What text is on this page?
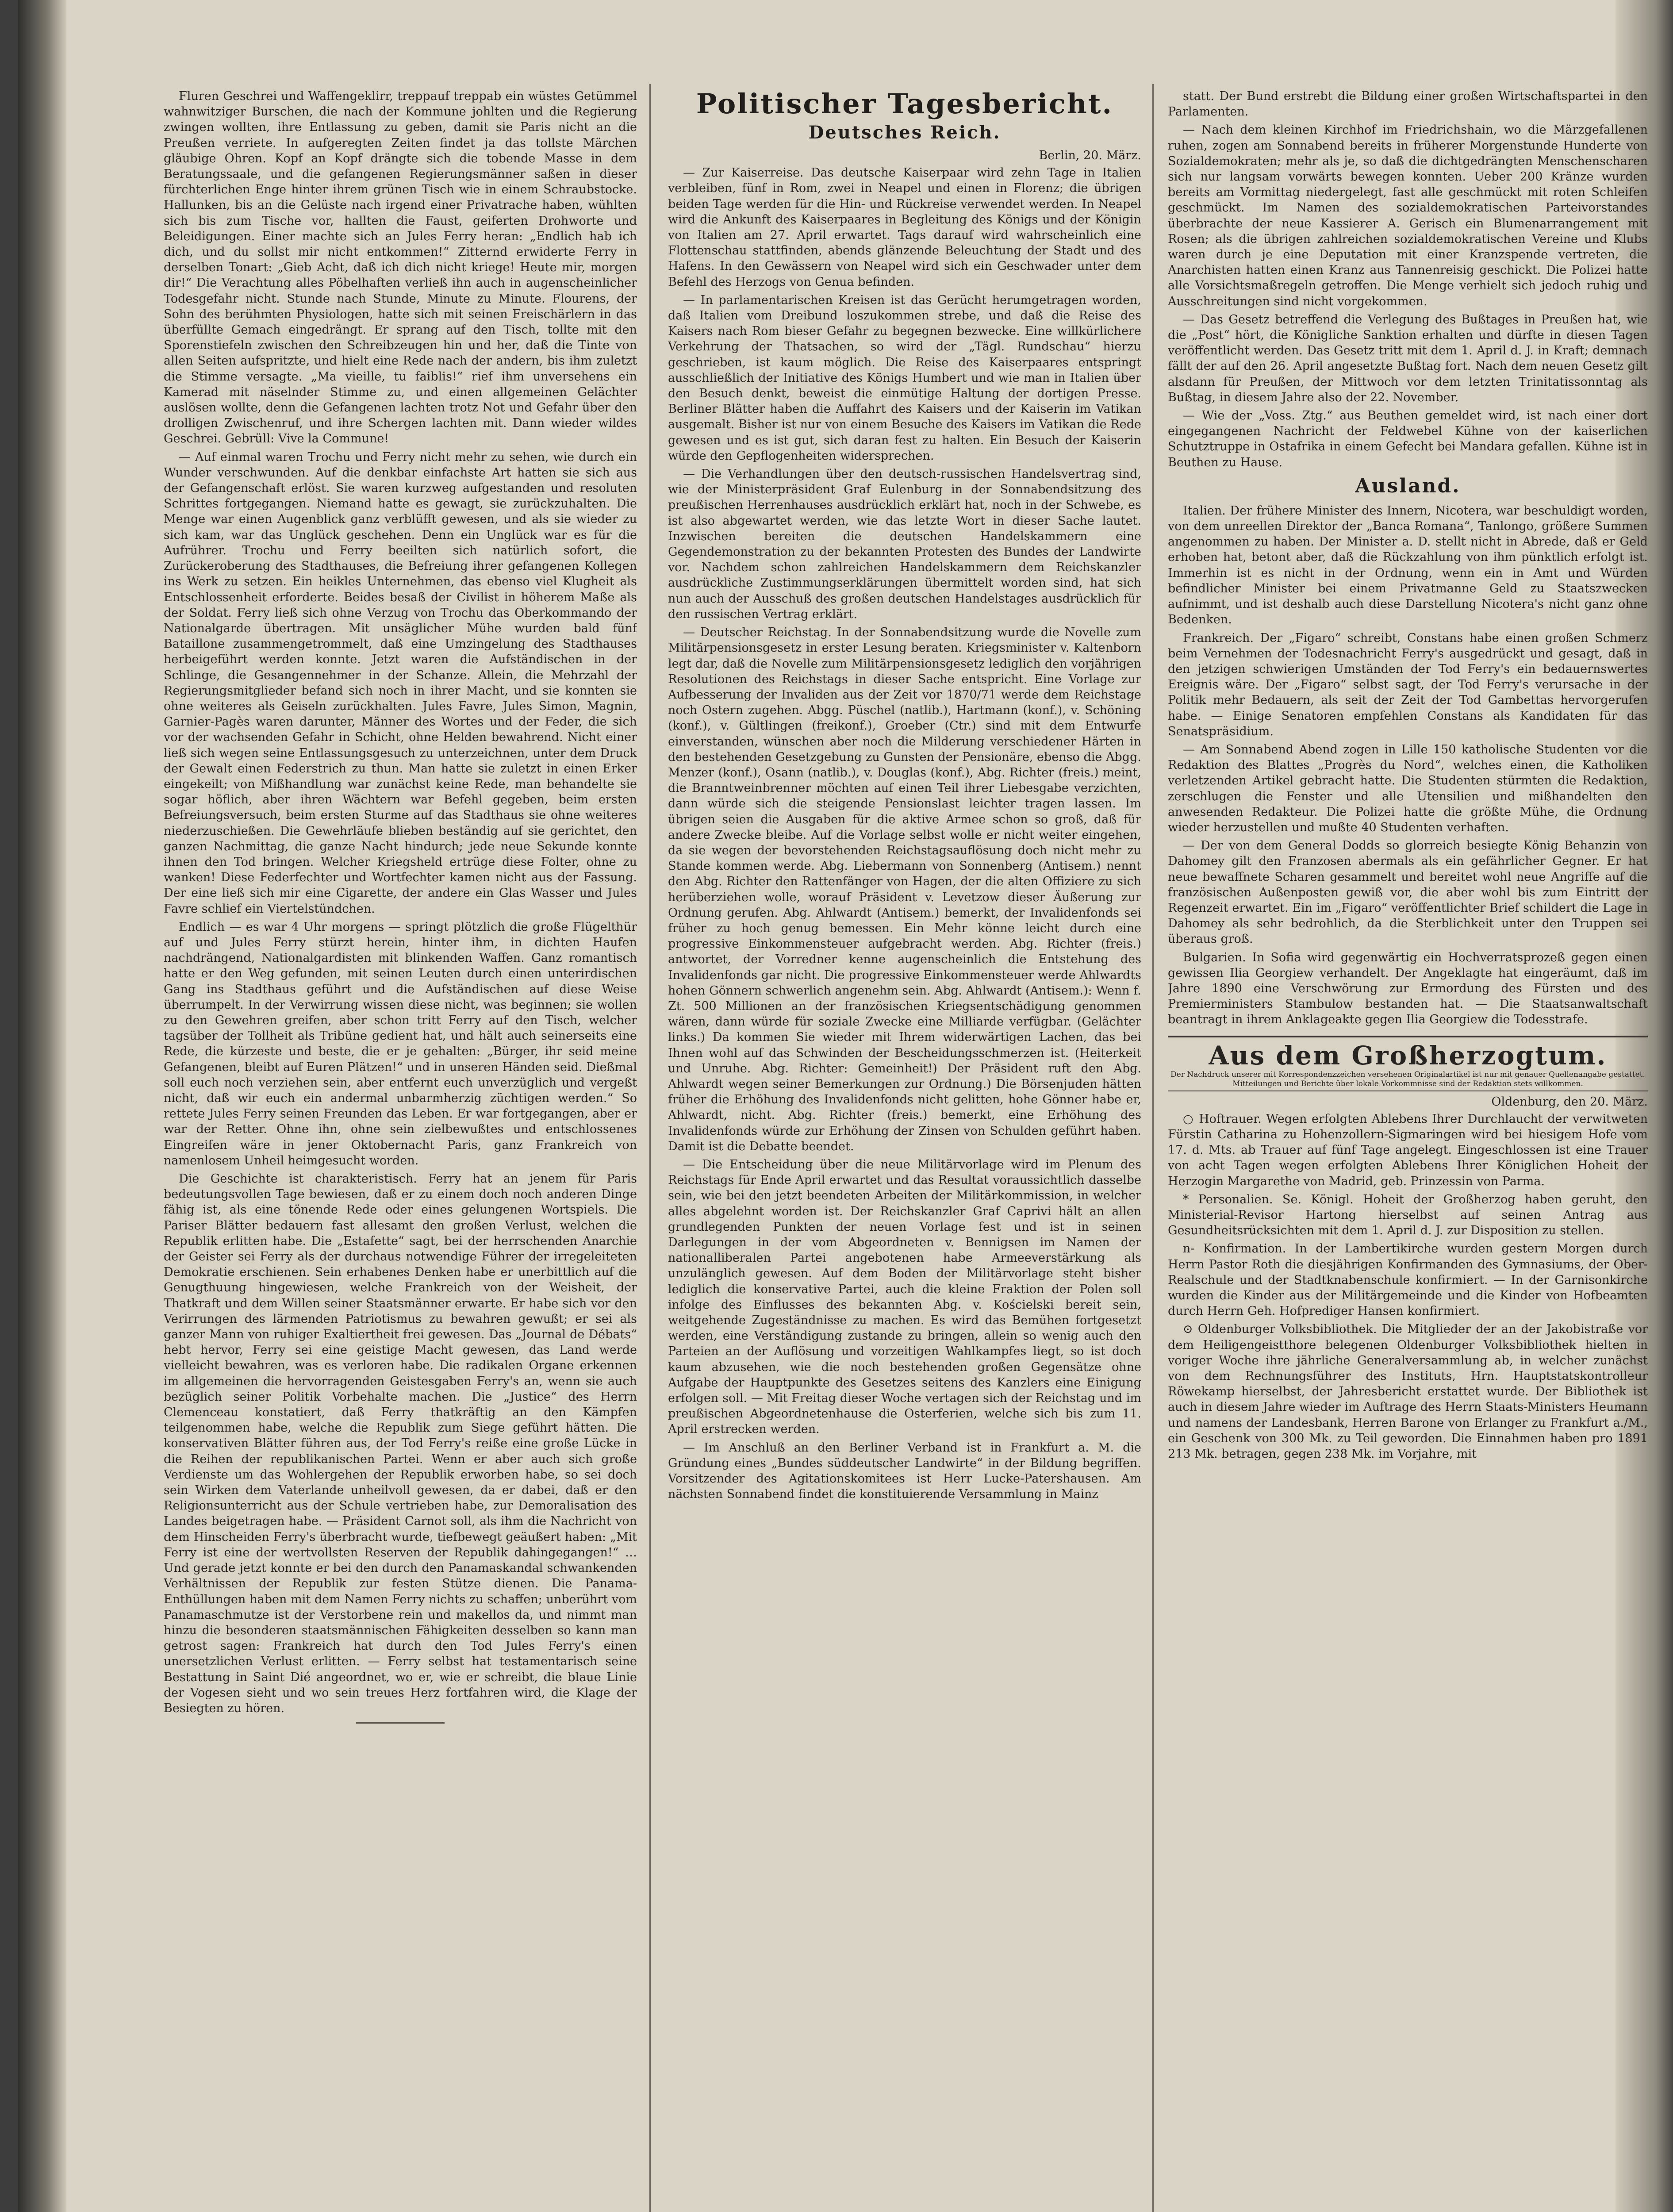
Fluren Geschrei und Waffengeklirr, treppauf treppab ein wüstes Getümmel wahnwitziger Burschen, die nach der Kommune johlten und die Regierung zwingen wollten, ihre Entlassung zu geben, damit sie Paris nicht an die Preußen verriete. In aufgeregten Zeiten findet ja das tollste Märchen gläubige Ohren. Kopf an Kopf drängte sich die tobende Masse in dem Beratungssaale, und die gefangenen Regierungsmänner saßen in dieser fürchterlichen Enge hinter ihrem grünen Tisch wie in einem Schraubstocke. Hallunken, bis an die Gelüste nach irgend einer Privatrache haben, wühlten sich bis zum Tische vor, hallten die Faust, geiferten Drohworte und Beleidigungen. Einer machte sich an Jules Ferry heran: „Endlich hab ich dich, und du sollst mir nicht entkommen!“ Zitternd erwiderte Ferry in derselben Tonart: „Gieb Acht, daß ich dich nicht kriege! Heute mir, morgen dir!“ Die Verachtung alles Pöbelhaften verließ ihn auch in augenscheinlicher Todesgefahr nicht. Stunde nach Stunde, Minute zu Minute. Flourens, der Sohn des berühmten Physiologen, hatte sich mit seinen Freischärlern in das überfüllte Gemach eingedrängt. Er sprang auf den Tisch, tollte mit den Sporenstiefeln zwischen den Schreibzeugen hin und her, daß die Tinte von allen Seiten aufspritzte, und hielt eine Rede nach der andern, bis ihm zuletzt die Stimme versagte. „Ma vieille, tu faiblis!“ rief ihm unversehens ein Kamerad mit näselnder Stimme zu, und einen allgemeinen Gelächter auslösen wollte, denn die Gefangenen lachten trotz Not und Gefahr über den drolligen Zwischenruf, und ihre Schergen lachten mit. Dann wieder wildes Geschrei. Gebrüll: Vive la Commune!

— Auf einmal waren Trochu und Ferry nicht mehr zu sehen, wie durch ein Wunder verschwunden. Auf die denkbar einfachste Art hatten sie sich aus der Gefangenschaft erlöst. Sie waren kurzweg aufgestanden und resoluten Schrittes fortgegangen. Niemand hatte es gewagt, sie zurückzuhalten. Die Menge war einen Augenblick ganz verblüfft gewesen, und als sie wieder zu sich kam, war das Unglück geschehen. Denn ein Unglück war es für die Aufrührer. Trochu und Ferry beeilten sich natürlich sofort, die Zurückeroberung des Stadthauses, die Befreiung ihrer gefangenen Kollegen ins Werk zu setzen. Ein heikles Unternehmen, das ebenso viel Klugheit als Entschlossenheit erforderte. Beides besaß der Civilist in höherem Maße als der Soldat. Ferry ließ sich ohne Verzug von Trochu das Oberkommando der Nationalgarde übertragen. Mit unsäglicher Mühe wurden bald fünf Bataillone zusammengetrommelt, daß eine Umzingelung des Stadthauses herbeigeführt werden konnte. Jetzt waren die Aufständischen in der Schlinge, die Gesangennehmer in der Schanze. Allein, die Mehrzahl der Regierungsmitglieder befand sich noch in ihrer Macht, und sie konnten sie ohne weiteres als Geiseln zurückhalten. Jules Favre, Jules Simon, Magnin, Garnier-Pagès waren darunter, Männer des Wortes und der Feder, die sich vor der wachsenden Gefahr in Schicht, ohne Helden bewahrend. Nicht einer ließ sich wegen seine Entlassungsgesuch zu unterzeichnen, unter dem Druck der Gewalt einen Federstrich zu thun. Man hatte sie zuletzt in einen Erker eingekeilt; von Mißhandlung war zunächst keine Rede, man behandelte sie sogar höflich, aber ihren Wächtern war Befehl gegeben, beim ersten Befreiungsversuch, beim ersten Sturme auf das Stadthaus sie ohne weiteres niederzuschießen. Die Gewehrläufe blieben beständig auf sie gerichtet, den ganzen Nachmittag, die ganze Nacht hindurch; jede neue Sekunde konnte ihnen den Tod bringen. Welcher Kriegsheld ertrüge diese Folter, ohne zu wanken! Diese Federfechter und Wortfechter kamen nicht aus der Fassung. Der eine ließ sich mir eine Cigarette, der andere ein Glas Wasser und Jules Favre schlief ein Viertelstündchen.

Endlich — es war 4 Uhr morgens — springt plötzlich die große Flügelthür auf und Jules Ferry stürzt herein, hinter ihm, in dichten Haufen nachdrängend, Nationalgardisten mit blinkenden Waffen. Ganz romantisch hatte er den Weg gefunden, mit seinen Leuten durch einen unterirdischen Gang ins Stadthaus geführt und die Aufständischen auf diese Weise überrumpelt. In der Verwirrung wissen diese nicht, was beginnen; sie wollen zu den Gewehren greifen, aber schon tritt Ferry auf den Tisch, welcher tagsüber der Tollheit als Tribüne gedient hat, und hält auch seinerseits eine Rede, die kürzeste und beste, die er je gehalten: „Bürger, ihr seid meine Gefangenen, bleibt auf Euren Plätzen!“ und in unseren Händen seid. Dießmal soll euch noch verziehen sein, aber entfernt euch unverzüglich und vergeßt nicht, daß wir euch ein andermal unbarmherzig züchtigen werden.“ So rettete Jules Ferry seinen Freunden das Leben. Er war fortgegangen, aber er war der Retter. Ohne ihn, ohne sein zielbewußtes und entschlossenes Eingreifen wäre in jener Oktobernacht Paris, ganz Frankreich von namenlosem Unheil heimgesucht worden.

Die Geschichte ist charakteristisch. Ferry hat an jenem für Paris bedeutungsvollen Tage bewiesen, daß er zu einem doch noch anderen Dinge fähig ist, als eine tönende Rede oder eines gelungenen Wortspiels. Die Pariser Blätter bedauern fast allesamt den großen Verlust, welchen die Republik erlitten habe. Die „Estafette“ sagt, bei der herrschenden Anarchie der Geister sei Ferry als der durchaus notwendige Führer der irregeleiteten Demokratie erschienen. Sein erhabenes Denken habe er unerbittlich auf die Genugthuung hingewiesen, welche Frankreich von der Weisheit, der Thatkraft und dem Willen seiner Staatsmänner erwarte. Er habe sich vor den Verirrungen des lärmenden Patriotismus zu bewahren gewußt; er sei als ganzer Mann von ruhiger Exaltiertheit frei gewesen. Das „Journal de Débats“ hebt hervor, Ferry sei eine geistige Macht gewesen, das Land werde vielleicht bewahren, was es verloren habe. Die radikalen Organe erkennen im allgemeinen die hervorragenden Geistesgaben Ferry's an, wenn sie auch bezüglich seiner Politik Vorbehalte machen. Die „Justice“ des Herrn Clemenceau konstatiert, daß Ferry thatkräftig an den Kämpfen teilgenommen habe, welche die Republik zum Siege geführt hätten. Die konservativen Blätter führen aus, der Tod Ferry's reiße eine große Lücke in die Reihen der republikanischen Partei. Wenn er aber auch sich große Verdienste um das Wohlergehen der Republik erworben habe, so sei doch sein Wirken dem Vaterlande unheilvoll gewesen, da er dabei, daß er den Religionsunterricht aus der Schule vertrieben habe, zur Demoralisation des Landes beigetragen habe. — Präsident Carnot soll, als ihm die Nachricht von dem Hinscheiden Ferry's überbracht wurde, tiefbewegt geäußert haben: „Mit Ferry ist eine der wertvollsten Reserven der Republik dahingegangen!“ … Und gerade jetzt konnte er bei den durch den Panamaskandal schwankenden Verhältnissen der Republik zur festen Stütze dienen. Die Panama-Enthüllungen haben mit dem Namen Ferry nichts zu schaffen; unberührt vom Panamaschmutze ist der Verstorbene rein und makellos da, und nimmt man hinzu die besonderen staatsmännischen Fähigkeiten desselben so kann man getrost sagen: Frankreich hat durch den Tod Jules Ferry's einen unersetzlichen Verlust erlitten. — Ferry selbst hat testamentarisch seine Bestattung in Saint Dié angeordnet, wo er, wie er schreibt, die blaue Linie der Vogesen sieht und wo sein treues Herz fortfahren wird, die Klage der Besiegten zu hören.

Politischer Tagesbericht.
Deutsches Reich.
Berlin, 20. März.

— Zur Kaiserreise. Das deutsche Kaiserpaar wird zehn Tage in Italien verbleiben, fünf in Rom, zwei in Neapel und einen in Florenz; die übrigen beiden Tage werden für die Hin- und Rückreise verwendet werden. In Neapel wird die Ankunft des Kaiserpaares in Begleitung des Königs und der Königin von Italien am 27. April erwartet. Tags darauf wird wahrscheinlich eine Flottenschau stattfinden, abends glänzende Beleuchtung der Stadt und des Hafens. In den Gewässern von Neapel wird sich ein Geschwader unter dem Befehl des Herzogs von Genua befinden.

— In parlamentarischen Kreisen ist das Gerücht herumgetragen worden, daß Italien vom Dreibund loszukommen strebe, und daß die Reise des Kaisers nach Rom bieser Gefahr zu begegnen bezwecke. Eine willkürlichere Verkehrung der Thatsachen, so wird der „Tägl. Rundschau“ hierzu geschrieben, ist kaum möglich. Die Reise des Kaiserpaares entspringt ausschließlich der Initiative des Königs Humbert und wie man in Italien über den Besuch denkt, beweist die einmütige Haltung der dortigen Presse. Berliner Blätter haben die Auffahrt des Kaisers und der Kaiserin im Vatikan ausgemalt. Bisher ist nur von einem Besuche des Kaisers im Vatikan die Rede gewesen und es ist gut, sich daran fest zu halten. Ein Besuch der Kaiserin würde den Gepflogenheiten widersprechen.

— Die Verhandlungen über den deutsch-russischen Handelsvertrag sind, wie der Ministerpräsident Graf Eulenburg in der Sonnabendsitzung des preußischen Herrenhauses ausdrücklich erklärt hat, noch in der Schwebe, es ist also abgewartet werden, wie das letzte Wort in dieser Sache lautet. Inzwischen bereiten die deutschen Handelskammern eine Gegendemonstration zu der bekannten Protesten des Bundes der Landwirte vor. Nachdem schon zahlreichen Handelskammern dem Reichskanzler ausdrückliche Zustimmungserklärungen übermittelt worden sind, hat sich nun auch der Ausschuß des großen deutschen Handelstages ausdrücklich für den russischen Vertrag erklärt.

— Deutscher Reichstag. In der Sonnabendsitzung wurde die Novelle zum Militärpensionsgesetz in erster Lesung beraten. Kriegsminister v. Kaltenborn legt dar, daß die Novelle zum Militärpensionsgesetz lediglich den vorjährigen Resolutionen des Reichstags in dieser Sache entspricht. Eine Vorlage zur Aufbesserung der Invaliden aus der Zeit vor 1870/71 werde dem Reichstage noch Ostern zugehen. Abgg. Püschel (natlib.), Hartmann (konf.), v. Schöning (konf.), v. Gültlingen (freikonf.), Groeber (Ctr.) sind mit dem Entwurfe einverstanden, wünschen aber noch die Milderung verschiedener Härten in den bestehenden Gesetzgebung zu Gunsten der Pensionäre, ebenso die Abgg. Menzer (konf.), Osann (natlib.), v. Douglas (konf.), Abg. Richter (freis.) meint, die Branntweinbrenner möchten auf einen Teil ihrer Liebesgabe verzichten, dann würde sich die steigende Pensionslast leichter tragen lassen. Im übrigen seien die Ausgaben für die aktive Armee schon so groß, daß für andere Zwecke bleibe. Auf die Vorlage selbst wolle er nicht weiter eingehen, da sie wegen der bevorstehenden Reichstagsauflösung doch nicht mehr zu Stande kommen werde. Abg. Liebermann von Sonnenberg (Antisem.) nennt den Abg. Richter den Rattenfänger von Hagen, der die alten Offiziere zu sich herüberziehen wolle, worauf Präsident v. Levetzow dieser Äußerung zur Ordnung gerufen. Abg. Ahlwardt (Antisem.) bemerkt, der Invalidenfonds sei früher zu hoch genug bemessen. Ein Mehr könne leicht durch eine progressive Einkommensteuer aufgebracht werden. Abg. Richter (freis.) antwortet, der Vorredner kenne augenscheinlich die Entstehung des Invalidenfonds gar nicht. Die progressive Einkommensteuer werde Ahlwardts hohen Gönnern schwerlich angenehm sein. Abg. Ahlwardt (Antisem.): Wenn f. Zt. 500 Millionen an der französischen Kriegsentschädigung genommen wären, dann würde für soziale Zwecke eine Milliarde verfügbar. (Gelächter links.) Da kommen Sie wieder mit Ihrem widerwärtigen Lachen, das bei Ihnen wohl auf das Schwinden der Bescheidungsschmerzen ist. (Heiterkeit und Unruhe. Abg. Richter: Gemeinheit!) Der Präsident ruft den Abg. Ahlwardt wegen seiner Bemerkungen zur Ordnung.) Die Börsenjuden hätten früher die Erhöhung des Invalidenfonds nicht gelitten, hohe Gönner habe er, Ahlwardt, nicht. Abg. Richter (freis.) bemerkt, eine Erhöhung des Invalidenfonds würde zur Erhöhung der Zinsen von Schulden geführt haben. Damit ist die Debatte beendet.

— Die Entscheidung über die neue Militärvorlage wird im Plenum des Reichstags für Ende April erwartet und das Resultat voraussichtlich dasselbe sein, wie bei den jetzt beendeten Arbeiten der Militärkommission, in welcher alles abgelehnt worden ist. Der Reichskanzler Graf Caprivi hält an allen grundlegenden Punkten der neuen Vorlage fest und ist in seinen Darlegungen in der vom Abgeordneten v. Bennigsen im Namen der nationalliberalen Partei angebotenen habe Armeeverstärkung als unzulänglich gewesen. Auf dem Boden der Militärvorlage steht bisher lediglich die konservative Partei, auch die kleine Fraktion der Polen soll infolge des Einflusses des bekannten Abg. v. Kościelski bereit sein, weitgehende Zugeständnisse zu machen. Es wird das Bemühen fortgesetzt werden, eine Verständigung zustande zu bringen, allein so wenig auch den Parteien an der Auflösung und vorzeitigen Wahlkampfes liegt, so ist doch kaum abzusehen, wie die noch bestehenden großen Gegensätze ohne Aufgabe der Hauptpunkte des Gesetzes seitens des Kanzlers eine Einigung erfolgen soll. — Mit Freitag dieser Woche vertagen sich der Reichstag und im preußischen Abgeordnetenhause die Osterferien, welche sich bis zum 11. April erstrecken werden.

— Im Anschluß an den Berliner Verband ist in Frankfurt a. M. die Gründung eines „Bundes süddeutscher Landwirte“ in der Bildung begriffen. Vorsitzender des Agitationskomitees ist Herr Lucke-Patershausen. Am nächsten Sonnabend findet die konstituierende Versammlung in Mainz

statt. Der Bund erstrebt die Bildung einer großen Wirtschaftspartei in den Parlamenten.

— Nach dem kleinen Kirchhof im Friedrichshain, wo die Märzgefallenen ruhen, zogen am Sonnabend bereits in früherer Morgenstunde Hunderte von Sozialdemokraten; mehr als je, so daß die dichtgedrängten Menschenscharen sich nur langsam vorwärts bewegen konnten. Ueber 200 Kränze wurden bereits am Vormittag niedergelegt, fast alle geschmückt mit roten Schleifen geschmückt. Im Namen des sozialdemokratischen Parteivorstandes überbrachte der neue Kassierer A. Gerisch ein Blumenarrangement mit Rosen; als die übrigen zahlreichen sozialdemokratischen Vereine und Klubs waren durch je eine Deputation mit einer Kranzspende vertreten, die Anarchisten hatten einen Kranz aus Tannenreisig geschickt. Die Polizei hatte alle Vorsichtsmaßregeln getroffen. Die Menge verhielt sich jedoch ruhig und Ausschreitungen sind nicht vorgekommen.

— Das Gesetz betreffend die Verlegung des Bußtages in Preußen hat, wie die „Post“ hört, die Königliche Sanktion erhalten und dürfte in diesen Tagen veröffentlicht werden. Das Gesetz tritt mit dem 1. April d. J. in Kraft; demnach fällt der auf den 26. April angesetzte Bußtag fort. Nach dem neuen Gesetz gilt alsdann für Preußen, der Mittwoch vor dem letzten Trinitatissonntag als Bußtag, in diesem Jahre also der 22. November.

— Wie der „Voss. Ztg.“ aus Beuthen gemeldet wird, ist nach einer dort eingegangenen Nachricht der Feldwebel Kühne von der kaiserlichen Schutztruppe in Ostafrika in einem Gefecht bei Mandara gefallen. Kühne ist in Beuthen zu Hause.

Ausland.

Italien. Der frühere Minister des Innern, Nicotera, war beschuldigt worden, von dem unreellen Direktor der „Banca Romana“, Tanlongo, größere Summen angenommen zu haben. Der Minister a. D. stellt nicht in Abrede, daß er Geld erhoben hat, betont aber, daß die Rückzahlung von ihm pünktlich erfolgt ist. Immerhin ist es nicht in der Ordnung, wenn ein in Amt und Würden befindlicher Minister bei einem Privatmanne Geld zu Staatszwecken aufnimmt, und ist deshalb auch diese Darstellung Nicotera's nicht ganz ohne Bedenken.

Frankreich. Der „Figaro“ schreibt, Constans habe einen großen Schmerz beim Vernehmen der Todesnachricht Ferry's ausgedrückt und gesagt, daß in den jetzigen schwierigen Umständen der Tod Ferry's ein bedauernswertes Ereignis wäre. Der „Figaro“ selbst sagt, der Tod Ferry's verursache in der Politik mehr Bedauern, als seit der Zeit der Tod Gambettas hervorgerufen habe. — Einige Senatoren empfehlen Constans als Kandidaten für das Senatspräsidium.

— Am Sonnabend Abend zogen in Lille 150 katholische Studenten vor die Redaktion des Blattes „Progrès du Nord“, welches einen, die Katholiken verletzenden Artikel gebracht hatte. Die Studenten stürmten die Redaktion, zerschlugen die Fenster und alle Utensilien und mißhandelten den anwesenden Redakteur. Die Polizei hatte die größte Mühe, die Ordnung wieder herzustellen und mußte 40 Studenten verhaften.

— Der von dem General Dodds so glorreich besiegte König Behanzin von Dahomey gilt den Franzosen abermals als ein gefährlicher Gegner. Er hat neue bewaffnete Scharen gesammelt und bereitet wohl neue Angriffe auf die französischen Außenposten gewiß vor, die aber wohl bis zum Eintritt der Regenzeit erwartet. Ein im „Figaro“ veröffentlichter Brief schildert die Lage in Dahomey als sehr bedrohlich, da die Sterblichkeit unter den Truppen sei überaus groß.

Bulgarien. In Sofia wird gegenwärtig ein Hochverratsprozeß gegen einen gewissen Ilia Georgiew verhandelt. Der Angeklagte hat eingeräumt, daß im Jahre 1890 eine Verschwörung zur Ermordung des Fürsten und des Premierministers Stambulow bestanden hat. — Die Staatsanwaltschaft beantragt in ihrem Anklageakte gegen Ilia Georgiew die Todesstrafe.

Aus dem Großherzogtum.
Der Nachdruck unserer mit Korrespondenzzeichen versehenen Originalartikel ist nur mit genauer Quellenangabe gestattet. Mitteilungen und Berichte über lokale Vorkommnisse sind der Redaktion stets willkommen.
Oldenburg, den 20. März.

○ Hoftrauer. Wegen erfolgten Ablebens Ihrer Durchlaucht der verwitweten Fürstin Catharina zu Hohenzollern-Sigmaringen wird bei hiesigem Hofe vom 17. d. Mts. ab Trauer auf fünf Tage angelegt. Eingeschlossen ist eine Trauer von acht Tagen wegen erfolgten Ablebens Ihrer Königlichen Hoheit der Herzogin Margarethe von Madrid, geb. Prinzessin von Parma.

* Personalien. Se. Königl. Hoheit der Großherzog haben geruht, den Ministerial-Revisor Hartong hierselbst auf seinen Antrag aus Gesundheitsrücksichten mit dem 1. April d. J. zur Disposition zu stellen.

n- Konfirmation. In der Lambertikirche wurden gestern Morgen durch Herrn Pastor Roth die diesjährigen Konfirmanden des Gymnasiums, der Ober-Realschule und der Stadtknabenschule konfirmiert. — In der Garnisonkirche wurden die Kinder aus der Militärgemeinde und die Kinder von Hofbeamten durch Herrn Geh. Hofprediger Hansen konfirmiert.

⊙ Oldenburger Volksbibliothek. Die Mitglieder der an der Jakobistraße vor dem Heiligengeistthore belegenen Oldenburger Volksbibliothek hielten in voriger Woche ihre jährliche Generalversammlung ab, in welcher zunächst von dem Rechnungsführer des Instituts, Hrn. Hauptstatskontrolleur Röwekamp hierselbst, der Jahresbericht erstattet wurde. Der Bibliothek ist auch in diesem Jahre wieder im Auftrage des Herrn Staats-Ministers Heumann und namens der Landesbank, Herren Barone von Erlanger zu Frankfurt a./M., ein Geschenk von 300 Mk. zu Teil geworden. Die Einnahmen haben pro 1891 213 Mk. betragen, gegen 238 Mk. im Vorjahre, mit
